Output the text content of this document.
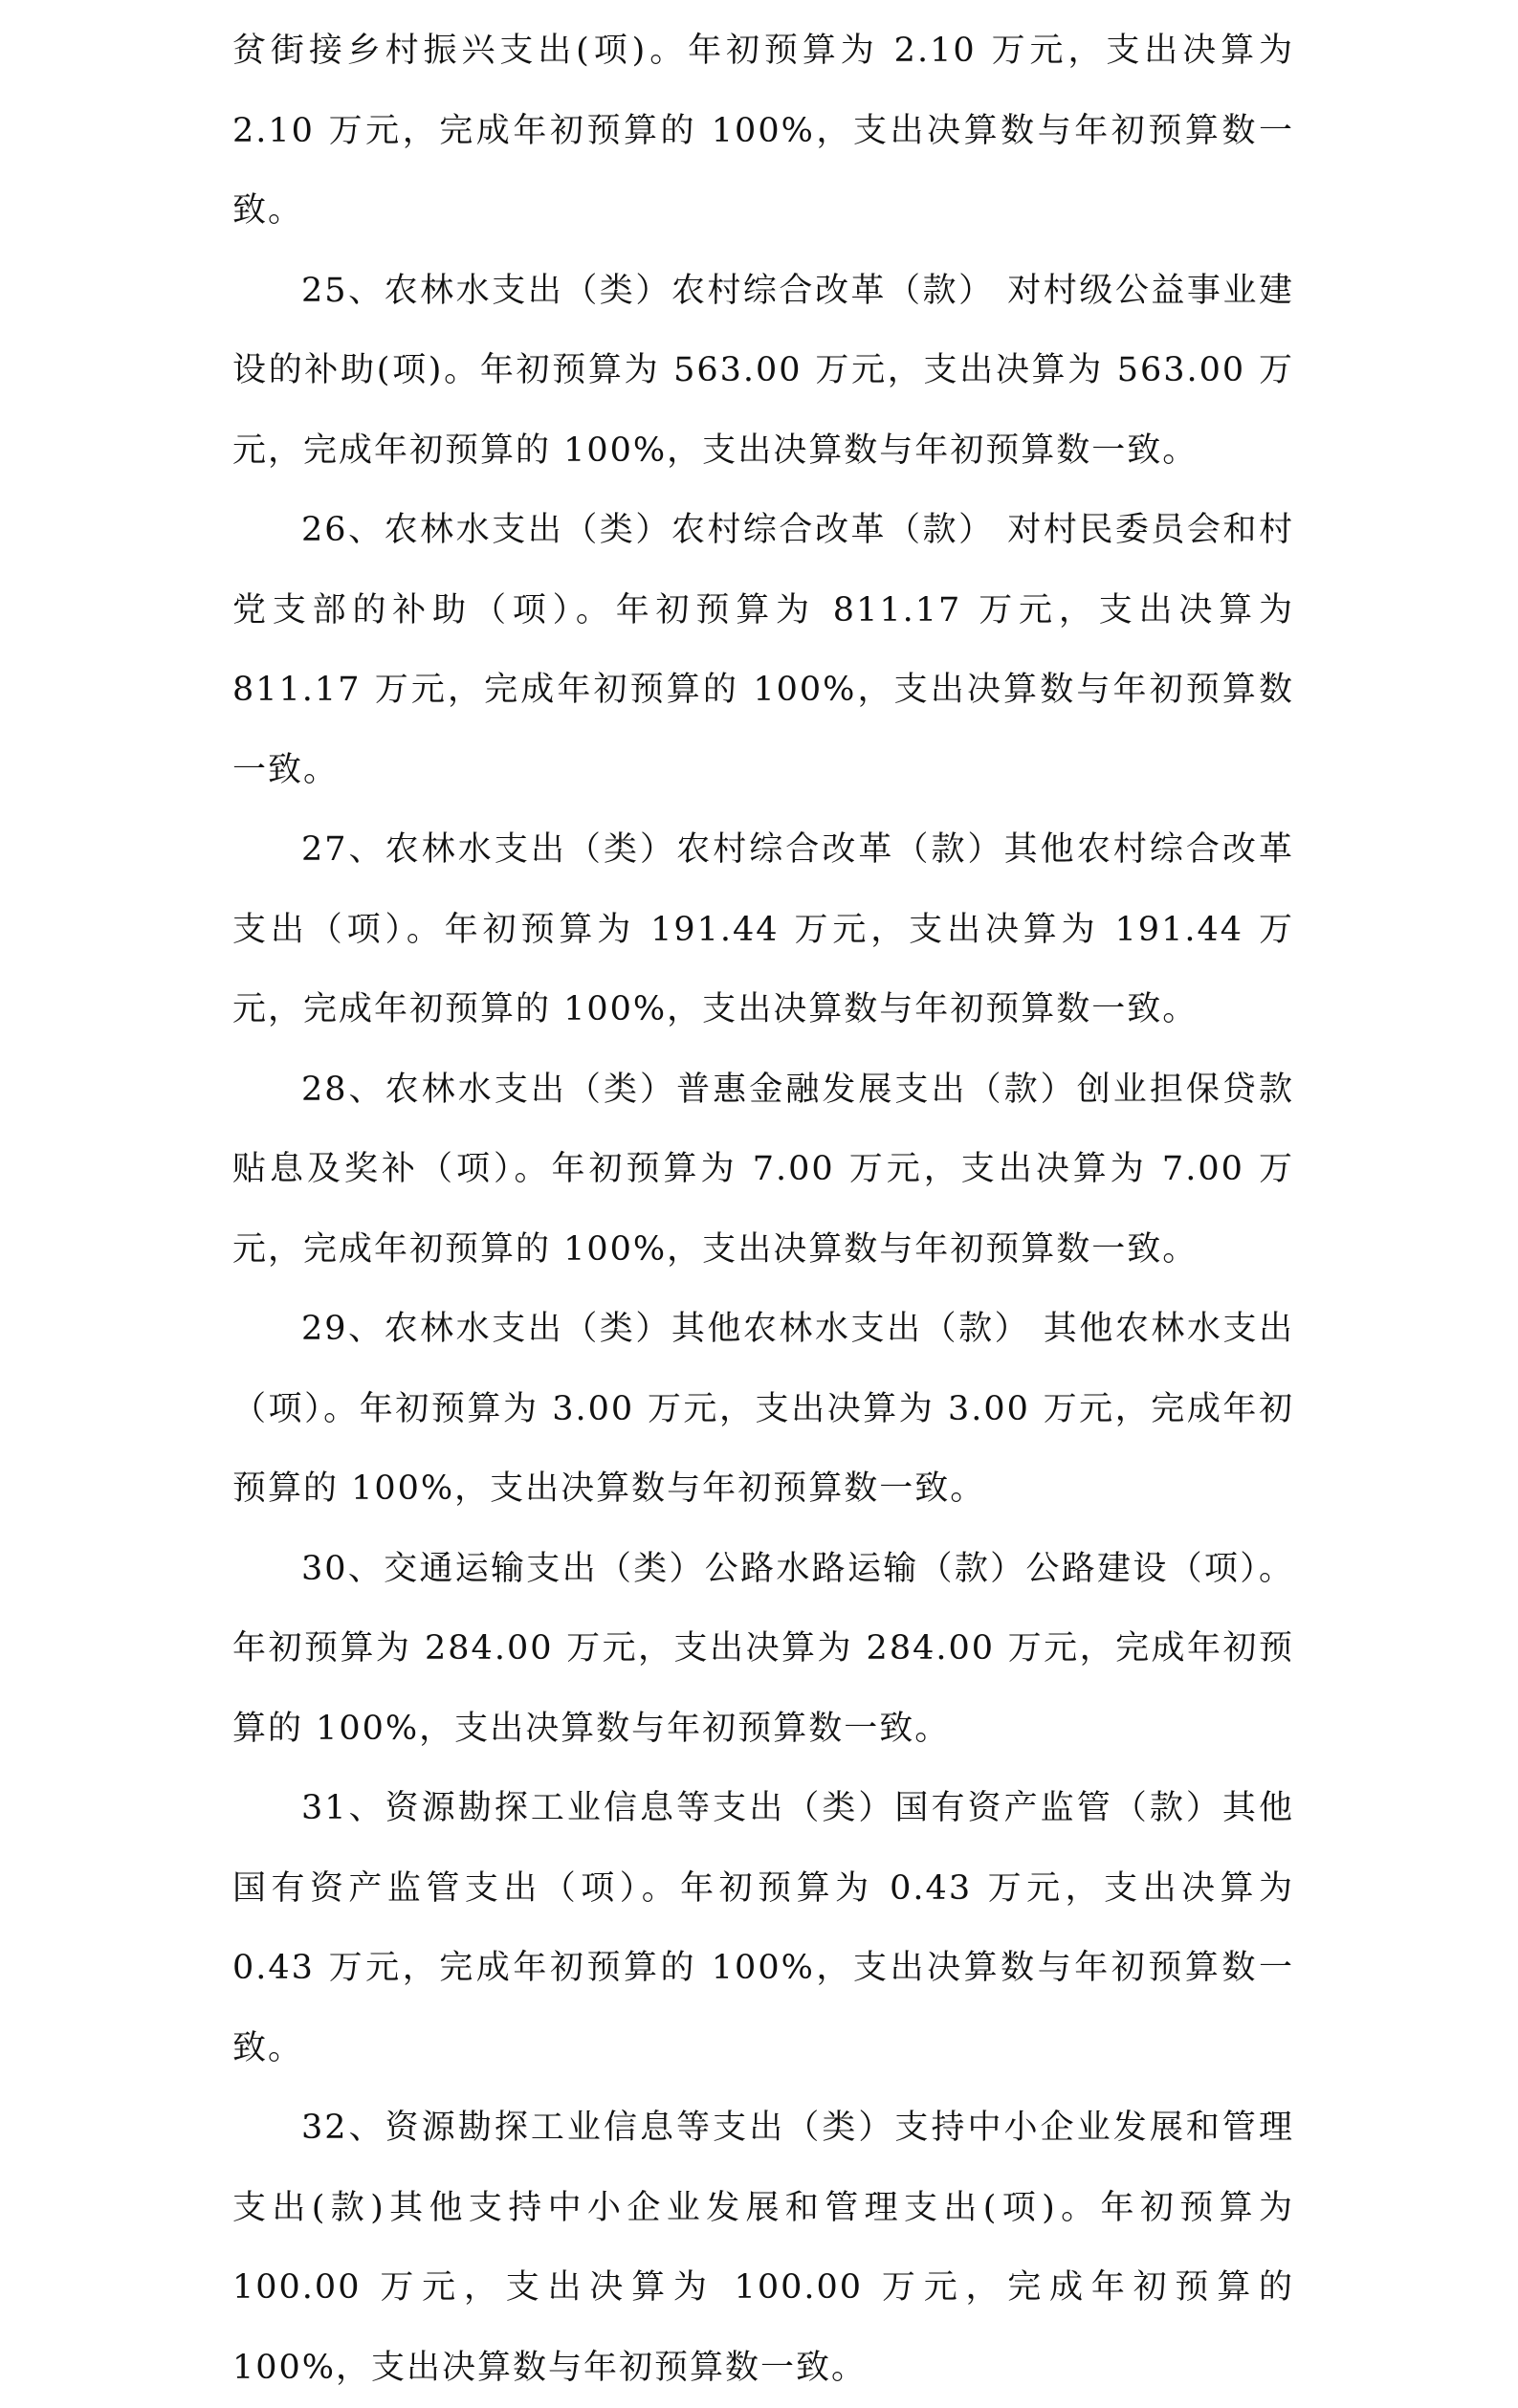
贫街接乡村振兴支出(项)。年初预算为 2.10 万元，支出决算为 2.10 万元，完成年初预算的 100%，支出决算数与年初预算数一致。

25、农林水支出（类）农村综合改革（款） 对村级公益事业建设的补助(项)。年初预算为 563.00 万元，支出决算为 563.00 万元，完成年初预算的 100%，支出决算数与年初预算数一致。

26、农林水支出（类）农村综合改革（款） 对村民委员会和村党支部的补助（项）。年初预算为 811.17 万元，支出决算为 811.17 万元，完成年初预算的 100%，支出决算数与年初预算数一致。

27、农林水支出（类）农村综合改革（款）其他农村综合改革支出（项）。年初预算为 191.44 万元，支出决算为 191.44 万元，完成年初预算的 100%，支出决算数与年初预算数一致。

28、农林水支出（类）普惠金融发展支出（款）创业担保贷款贴息及奖补（项）。年初预算为 7.00 万元，支出决算为 7.00 万元，完成年初预算的 100%，支出决算数与年初预算数一致。

29、农林水支出（类）其他农林水支出（款） 其他农林水支出（项）。年初预算为 3.00 万元，支出决算为 3.00 万元，完成年初预算的 100%，支出决算数与年初预算数一致。

30、交通运输支出（类）公路水路运输（款）公路建设（项）。年初预算为 284.00 万元，支出决算为 284.00 万元，完成年初预算的 100%，支出决算数与年初预算数一致。

31、资源勘探工业信息等支出（类）国有资产监管（款）其他国有资产监管支出（项）。年初预算为 0.43 万元，支出决算为 0.43 万元，完成年初预算的 100%，支出决算数与年初预算数一致。

32、资源勘探工业信息等支出（类）支持中小企业发展和管理支出(款)其他支持中小企业发展和管理支出(项)。年初预算为 100.00 万元，支出决算为 100.00 万元，完成年初预算的 100%，支出决算数与年初预算数一致。
